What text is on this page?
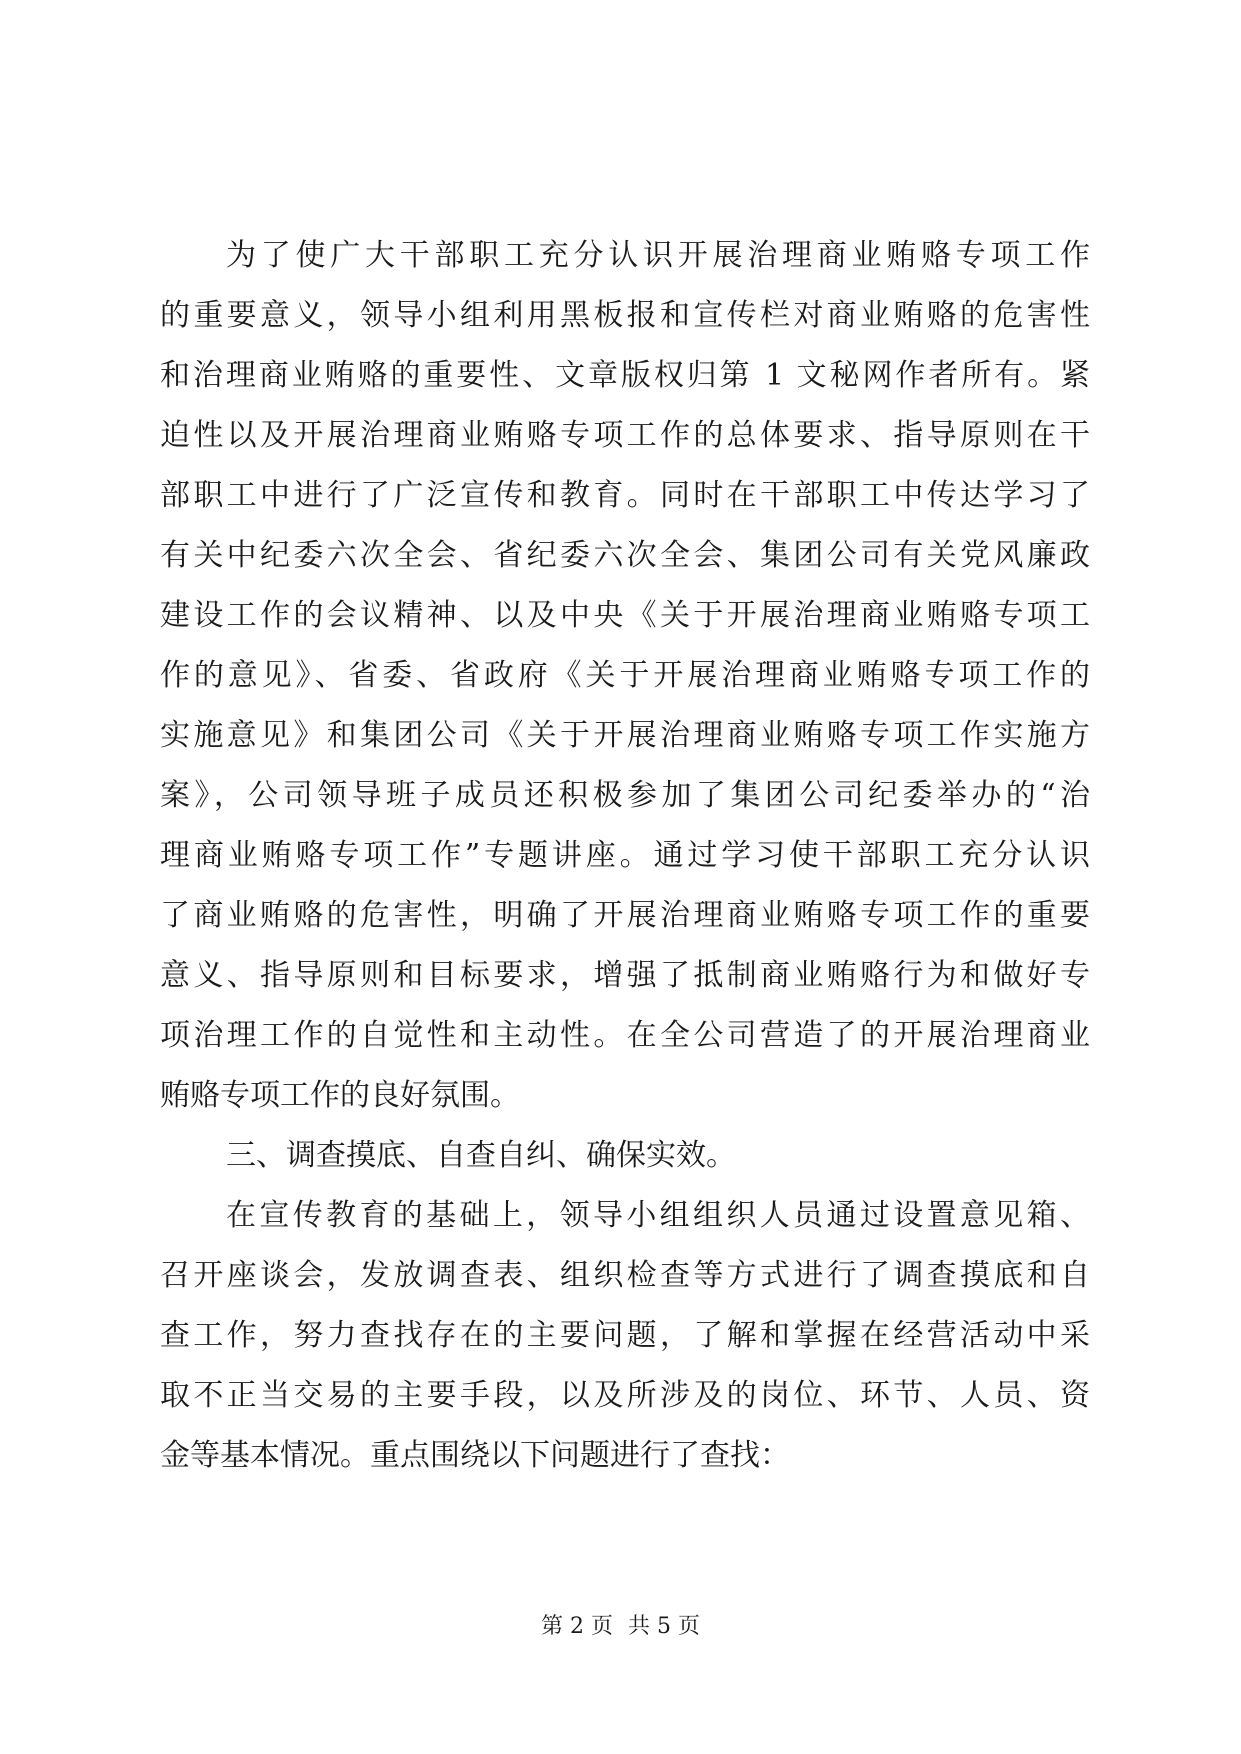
为了使广大干部职工充分认识开展治理商业贿赂专项工作
的重要意义，领导小组利用黑板报和宣传栏对商业贿赂的危害性
和治理商业贿赂的重要性、文章版权归第 1 文秘网作者所有。紧
迫性以及开展治理商业贿赂专项工作的总体要求、指导原则在干
部职工中进行了广泛宣传和教育。同时在干部职工中传达学习了
有关中纪委六次全会、省纪委六次全会、集团公司有关党风廉政
建设工作的会议精神、以及中央《关于开展治理商业贿赂专项工
作的意见》、省委、省政府《关于开展治理商业贿赂专项工作的
实施意见》和集团公司《关于开展治理商业贿赂专项工作实施方
案》，公司领导班子成员还积极参加了集团公司纪委举办的“治
理商业贿赂专项工作”专题讲座。通过学习使干部职工充分认识
了商业贿赂的危害性，明确了开展治理商业贿赂专项工作的重要
意义、指导原则和目标要求，增强了抵制商业贿赂行为和做好专
项治理工作的自觉性和主动性。在全公司营造了的开展治理商业
贿赂专项工作的良好氛围。
三、调查摸底、自查自纠、确保实效。
在宣传教育的基础上，领导小组组织人员通过设置意见箱、
召开座谈会，发放调查表、组织检查等方式进行了调查摸底和自
查工作，努力查找存在的主要问题，了解和掌握在经营活动中采
取不正当交易的主要手段，以及所涉及的岗位、环节、人员、资
金等基本情况。重点围绕以下问题进行了查找：
第 2 页 共 5 页
